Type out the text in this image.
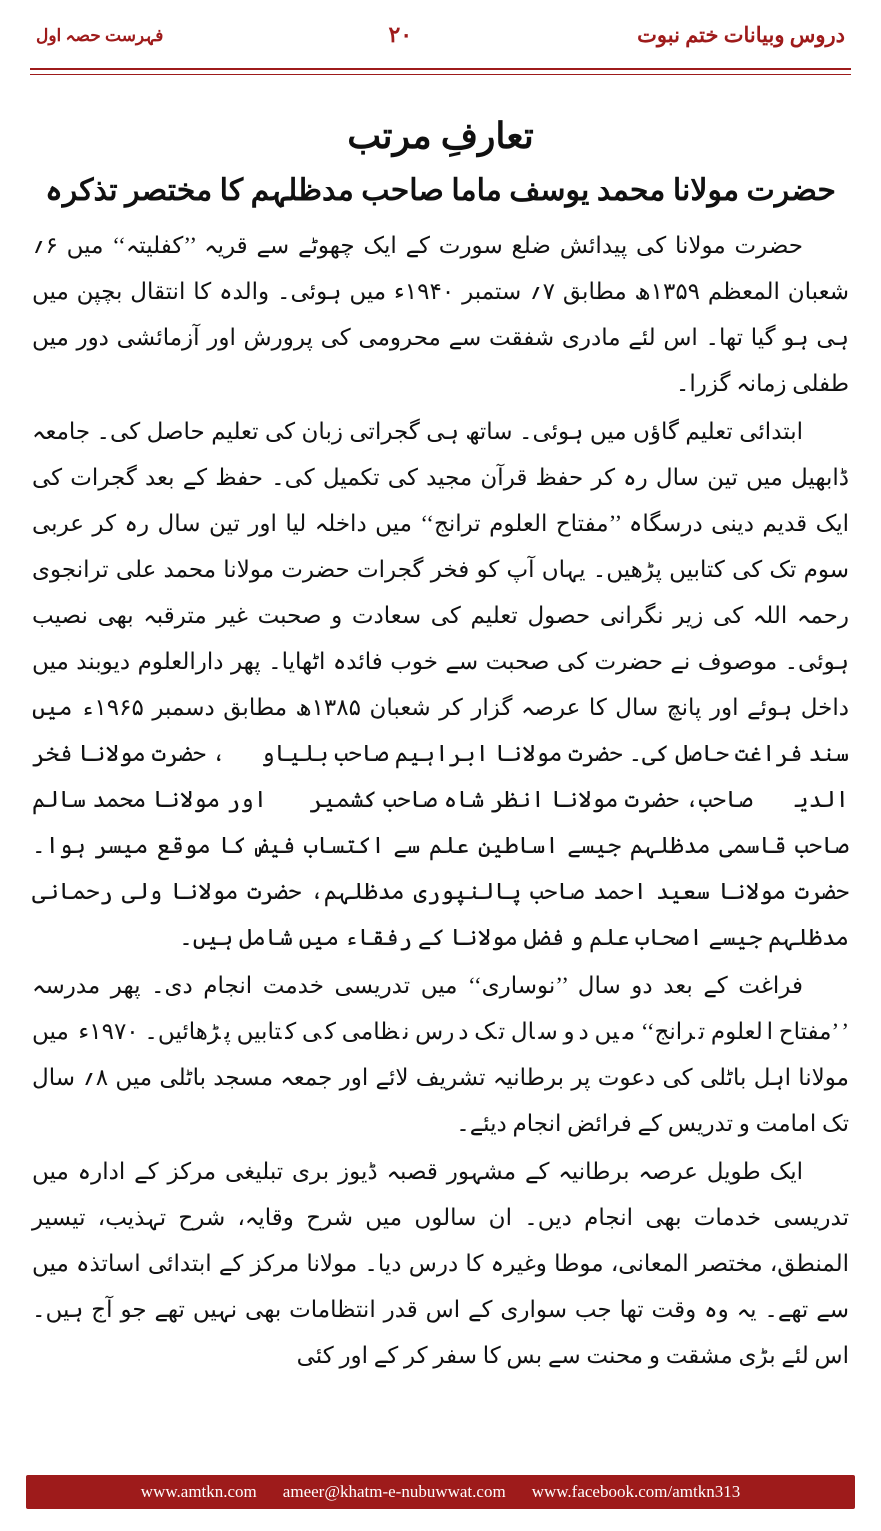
دروس وبیانات ختم نبوت
۲۰
فہرست حصہ اول
تعارفِ مرتب
حضرت مولانا محمد یوسف ماما صاحب مدظلہم کا مختصر تذکرہ

حضرت مولانا کی پیدائش ضلع سورت کے ایک چھوٹے سے قریہ ’’کفلیتہ‘‘ میں ۶؍ شعبان المعظم ۱۳۵۹ھ مطابق ۷؍ ستمبر ۱۹۴۰ء میں ہوئی۔ والدہ کا انتقال بچپن میں ہی ہو گیا تھا۔ اس لئے مادری شفقت سے محرومی کی پرورش اور آزمائشی دور میں طفلی زمانہ گزرا۔

ابتدائی تعلیم گاؤں میں ہوئی۔ ساتھ ہی گجراتی زبان کی تعلیم حاصل کی۔ جامعہ ڈابھیل میں تین سال رہ کر حفظ قرآن مجید کی تکمیل کی۔ حفظ کے بعد گجرات کی ایک قدیم دینی درسگاہ ’’مفتاح العلوم ترانج‘‘ میں داخلہ لیا اور تین سال رہ کر عربی سوم تک کی کتابیں پڑھیں۔ یہاں آپ کو فخر گجرات حضرت مولانا محمد علی ترانجوی رحمہ اللہ کی زیر نگرانی حصول تعلیم کی سعادت و صحبت غیر مترقبہ بھی نصیب ہوئی۔ موصوف نے حضرت کی صحبت سے خوب فائدہ اٹھایا۔ پھر دارالعلوم دیوبند میں داخل ہوئے اور پانچ سال کا عرصہ گزار کر شعبان ۱۳۸۵ھ مطابق دسمبر ۱۹۶۵ء میں سند فراغت حاصل کی۔ حضرت مولانا ابراہیم صاحب بلیاویؒ، حضرت مولانا فخر الدینؒ صاحب، حضرت مولانا انظر شاہ صاحب کشمیریؒ اور مولانا محمد سالم صاحب قاسمی مدظلہم جیسے اساطین علم سے اکتساب فیض کا موقع میسر ہوا۔ حضرت مولانا سعید احمد صاحب پالنپوری مدظلہم، حضرت مولانا ولی رحمانی مدظلہم جیسے اصحاب علم و فضل مولانا کے رفقاء میں شامل ہیں۔

فراغت کے بعد دو سال ’’نوساری‘‘ میں تدریسی خدمت انجام دی۔ پھر مدرسہ ’’مفتاح العلوم ترانج‘‘ میں دو سال تک درس نظامی کی کتابیں پڑھائیں۔ ۱۹۷۰ء میں مولانا اہل باٹلی کی دعوت پر برطانیہ تشریف لائے اور جمعہ مسجد باٹلی میں ۸؍ سال تک امامت و تدریس کے فرائض انجام دیئے۔

ایک طویل عرصہ برطانیہ کے مشہور قصبہ ڈیوز بری تبلیغی مرکز کے ادارہ میں تدریسی خدمات بھی انجام دیں۔ ان سالوں میں شرح وقایہ، شرح تہذیب، تیسیر المنطق، مختصر المعانی، موطا وغیرہ کا درس دیا۔ مولانا مرکز کے ابتدائی اساتذہ میں سے تھے۔ یہ وہ وقت تھا جب سواری کے اس قدر انتظامات بھی نہیں تھے جو آج ہیں۔ اس لئے بڑی مشقت و محنت سے بس کا سفر کر کے اور کئی

www.amtkn.com ameer@khatm-e-nubuwwat.com www.facebook.com/amtkn313
